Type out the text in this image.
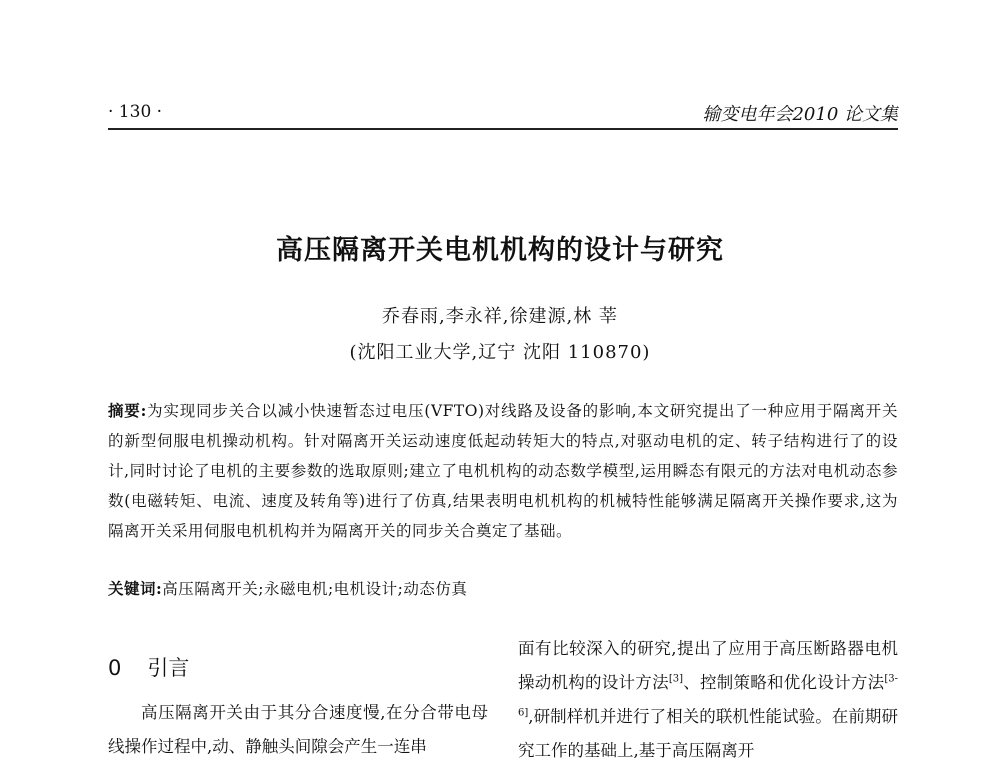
· 130 ·	输变电年会2010 论文集
高压隔离开关电机机构的设计与研究
乔春雨,李永祥,徐建源,林 莘
(沈阳工业大学,辽宁 沈阳 110870)
摘要:为实现同步关合以减小快速暂态过电压(VFTO)对线路及设备的影响,本文研究提出了一种应用于隔离开关的新型伺服电机操动机构。针对隔离开关运动速度低起动转矩大的特点,对驱动电机的定、转子结构进行了的设计,同时讨论了电机的主要参数的选取原则;建立了电机机构的动态数学模型,运用瞬态有限元的方法对电机动态参数(电磁转矩、电流、速度及转角等)进行了仿真,结果表明电机机构的机械特性能够满足隔离开关操作要求,这为隔离开关采用伺服电机机构并为隔离开关的同步关合奠定了基础。
关键词:高压隔离开关;永磁电机;电机设计;动态仿真
0 引言
高压隔离开关由于其分合速度慢,在分合带电母线操作过程中,动、静触头间隙会产生一连串
面有比较深入的研究,提出了应用于高压断路器电机操动机构的设计方法[3]、控制策略和优化设计方法[3-6],研制样机并进行了相关的联机性能试验。在前期研究工作的基础上,基于高压隔离开
